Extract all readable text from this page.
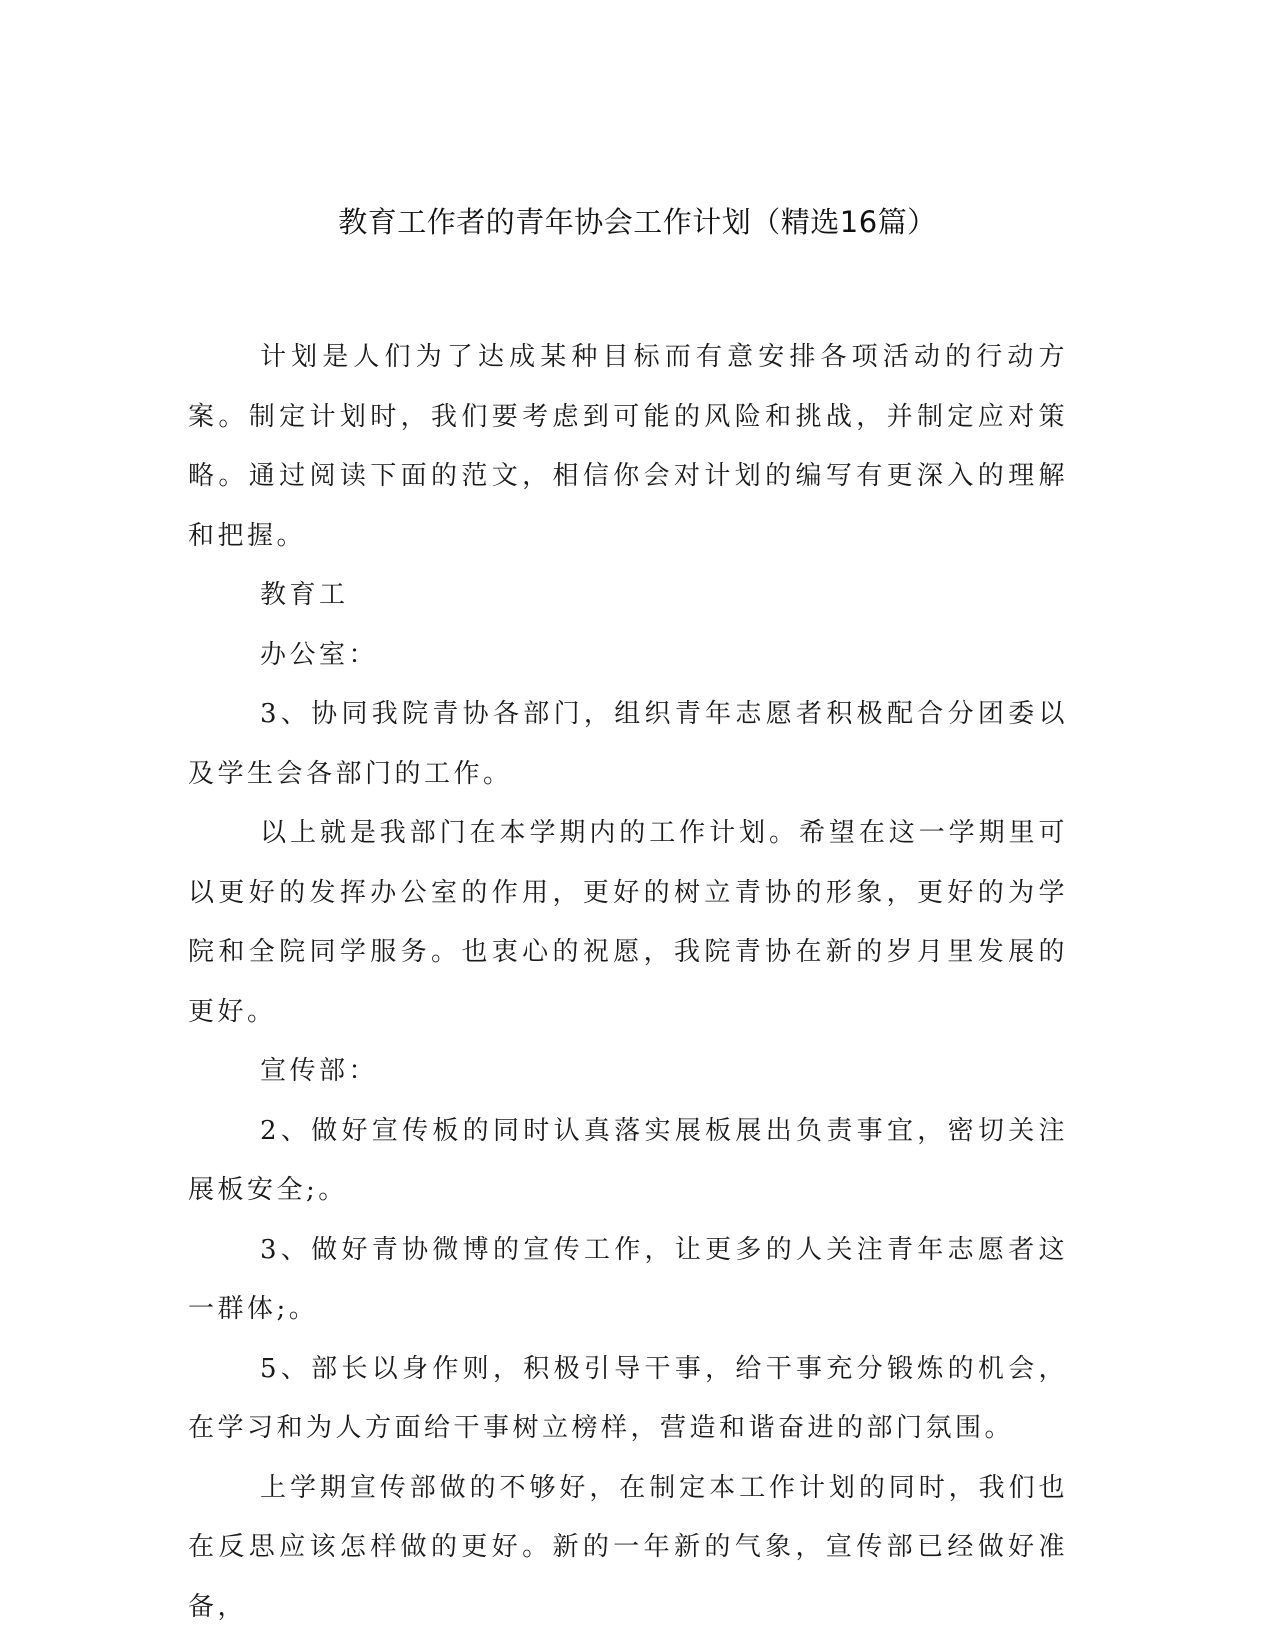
教育工作者的青年协会工作计划（精选16篇）

计划是人们为了达成某种目标而有意安排各项活动的行动方案。制定计划时，我们要考虑到可能的风险和挑战，并制定应对策略。通过阅读下面的范文，相信你会对计划的编写有更深入的理解和把握。

教育工

办公室：

3、协同我院青协各部门，组织青年志愿者积极配合分团委以及学生会各部门的工作。

以上就是我部门在本学期内的工作计划。希望在这一学期里可以更好的发挥办公室的作用，更好的树立青协的形象，更好的为学院和全院同学服务。也衷心的祝愿，我院青协在新的岁月里发展的更好。

宣传部：

2、做好宣传板的同时认真落实展板展出负责事宜，密切关注展板安全;。

3、做好青协微博的宣传工作，让更多的人关注青年志愿者这一群体;。

5、部长以身作则，积极引导干事，给干事充分锻炼的机会，在学习和为人方面给干事树立榜样，营造和谐奋进的部门氛围。

上学期宣传部做的不够好，在制定本工作计划的同时，我们也在反思应该怎样做的更好。新的一年新的气象，宣传部已经做好准备，
